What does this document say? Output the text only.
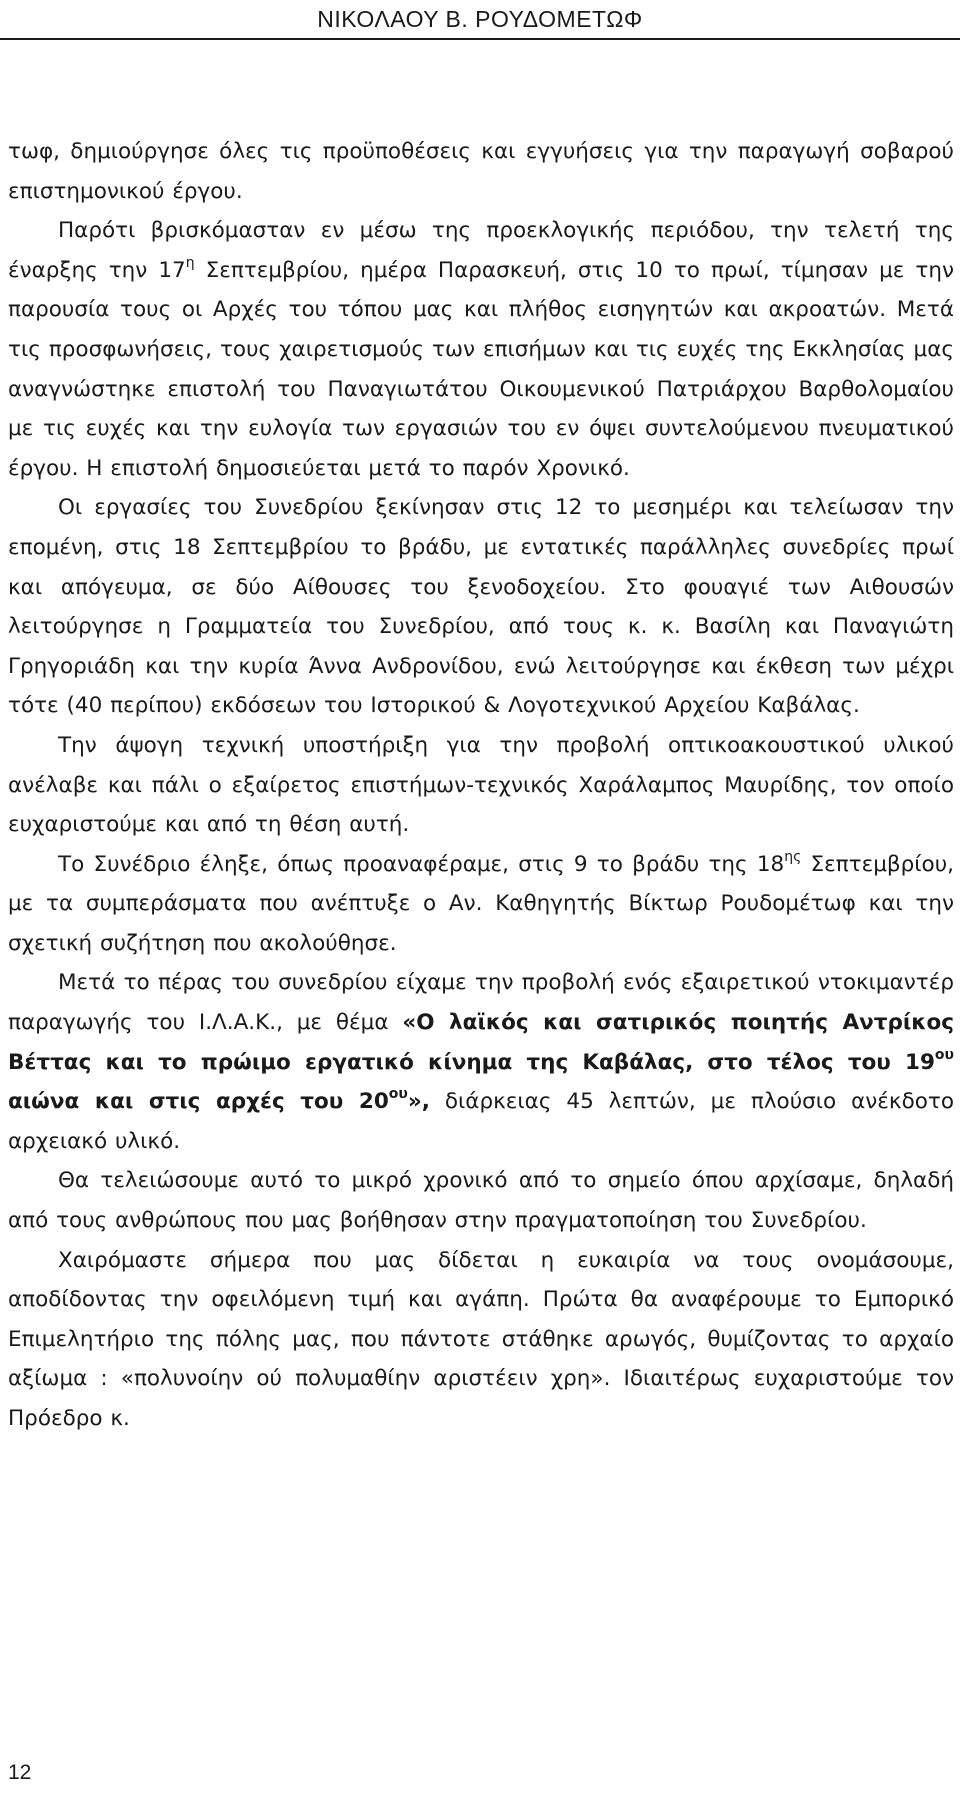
ΝΙΚΟΛΑΟΥ Β. ΡΟΥΔΟΜΕΤΩΦ

τωφ, δημιούργησε όλες τις προϋποθέσεις και εγγυήσεις για την παραγωγή σοβαρού επιστημονικού έργου.

Παρότι βρισκόμασταν εν μέσω της προεκλογικής περιόδου, την τελετή της έναρξης την $17^\eta$ Σεπτεμβρίου, ημέρα Παρασκευή, στις 10 το πρωί, τίμησαν με την παρουσία τους οι Αρχές του τόπου μας και πλήθος εισηγητών και ακροατών. Μετά τις προσφωνήσεις, τους χαιρετισμούς των επισήμων και τις ευχές της Εκκλησίας μας αναγνώστηκε επιστολή του Παναγιωτάτου Οικουμενικού Πατριάρχου Βαρθολομαίου με τις ευχές και την ευλογία των εργασιών του εν όψει συντελούμενου πνευματικού έργου. Η επιστολή δημοσιεύεται μετά το παρόν Χρονικό.

Οι εργασίες του Συνεδρίου ξεκίνησαν στις 12 το μεσημέρι και τελείωσαν την επομένη, στις 18 Σεπτεμβρίου το βράδυ, με εντατικές παράλληλες συνεδρίες πρωί και απόγευμα, σε δύο Αίθουσες του ξενοδοχείου. Στο φουαγιέ των Αιθουσών λειτούργησε η Γραμματεία του Συνεδρίου, από τους κ. κ. Βασίλη και Παναγιώτη Γρηγοριάδη και την κυρία Άννα Ανδρονίδου, ενώ λειτούργησε και έκθεση των μέχρι τότε (40 περίπου) εκδόσεων του Ιστορικού & Λογοτεχνικού Αρχείου Καβάλας.

Την άψογη τεχνική υποστήριξη για την προβολή οπτικοακουστικού υλικού ανέλαβε και πάλι ο εξαίρετος επιστήμων-τεχνικός Χαράλαμπος Μαυρίδης, τον οποίο ευχαριστούμε και από τη θέση αυτή.

Το Συνέδριο έληξε, όπως προαναφέραμε, στις 9 το βράδυ της $18^{\eta\varsigma}$ Σεπτεμβρίου, με τα συμπεράσματα που ανέπτυξε ο Αν. Καθηγητής Βίκτωρ Ρουδομέτωφ και την σχετική συζήτηση που ακολούθησε.

Μετά το πέρας του συνεδρίου είχαμε την προβολή ενός εξαιρετικού ντοκιμαντέρ παραγωγής του Ι.Λ.Α.Κ., με θέμα «Ο λαϊκός και σατιρικός ποιητής Αντρίκος Βέττας και το πρώιμο εργατικό κίνημα της Καβάλας, στο τέλος του $19^{o\upsilon}$ αιώνα και στις αρχές του $20^{o\upsilon}$», διάρκειας 45 λεπτών, με πλούσιο ανέκδοτο αρχειακό υλικό.

Θα τελειώσουμε αυτό το μικρό χρονικό από το σημείο όπου αρχίσαμε, δηλαδή από τους ανθρώπους που μας βοήθησαν στην πραγματοποίηση του Συνεδρίου.

Χαιρόμαστε σήμερα που μας δίδεται η ευκαιρία να τους ονομάσουμε, αποδίδοντας την οφειλόμενη τιμή και αγάπη. Πρώτα θα αναφέρουμε το Εμπορικό Επιμελητήριο της πόλης μας, που πάντοτε στάθηκε αρωγός, θυμίζοντας το αρχαίο αξίωμα : «πολυνοίην ού πολυμαθίην αριστέειν χρη». Ιδιαιτέρως ευχαριστούμε τον Πρόεδρο κ.

12
